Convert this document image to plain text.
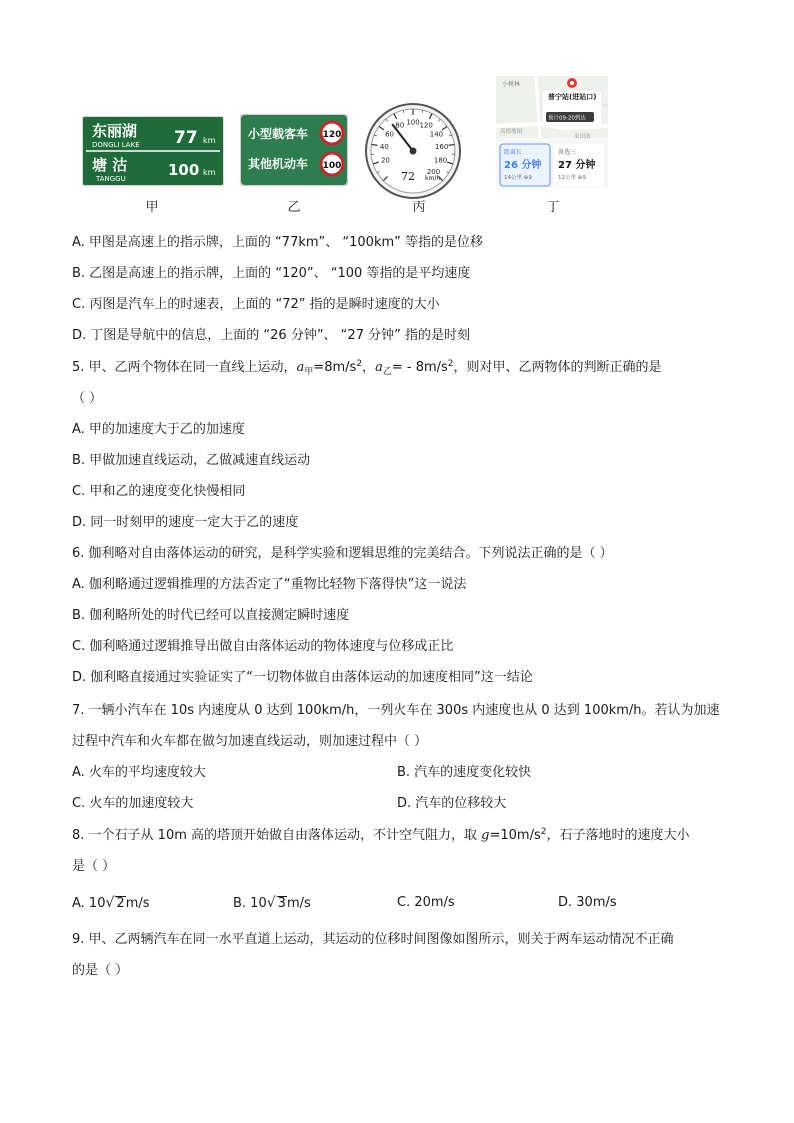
东丽湖
DONGLI LAKE 77 km
塘 沽
TANGGU	100 km
甲
小型载客车 120
其他机动车 100
乙
20
40
60
80 100 120
140
160
180
200
72 km/h
丙
小树林
普宁站(进站口)
预计09:20到达
高德地图
采田南
距离长
26 分钟
14公里 ⊕9
备选三
27 分钟
12公里 ⊕9
丁
A. 甲图是高速上的指示牌，上面的 “77km”、 “100km” 等指的是位移
B. 乙图是高速上的指示牌，上面的 “120”、 “100 等指的是平均速度
C. 丙图是汽车上的时速表，上面的 “72” 指的是瞬时速度的大小
D. 丁图是导航中的信息，上面的 “26 分钟”、 “27 分钟” 指的是时刻
5. 甲、乙两个物体在同一直线上运动，$a_甲=8m/s^2$，$a_乙= - 8m/s^2$，则对甲、乙两物体的判断正确的是
（ ）
A. 甲的加速度大于乙的加速度
B. 甲做加速直线运动，乙做减速直线运动
C. 甲和乙的速度变化快慢相同
D. 同一时刻甲的速度一定大于乙的速度
6. 伽利略对自由落体运动的研究，是科学实验和逻辑思维的完美结合。下列说法正确的是（ ）
A. 伽利略通过逻辑推理的方法否定了“重物比轻物下落得快”这一说法
B. 伽利略所处的时代已经可以直接测定瞬时速度
C. 伽利略通过逻辑推导出做自由落体运动的物体速度与位移成正比
D. 伽利略直接通过实验证实了“一切物体做自由落体运动的加速度相同”这一结论
7. 一辆小汽车在 10s 内速度从 0 达到 100km/h，一列火车在 300s 内速度也从 0 达到 100km/h。若认为加速
过程中汽车和火车都在做匀加速直线运动，则加速过程中（ ）
A. 火车的平均速度较大	B. 汽车的速度变化较快
C. 火车的加速度较大	D. 汽车的位移较大
8. 一个石子从 10m 高的塔顶开始做自由落体运动，不计空气阻力，取 $g=10m/s^2$，石子落地时的速度大小
是（ ）
A. 10√ 2m/s	B. 10√ 3m/s	C. 20m/s	D. 30m/s
9. 甲、乙两辆汽车在同一水平直道上运动，其运动的位移时间图像如图所示，则关于两车运动情况不正确
的是（ ）
